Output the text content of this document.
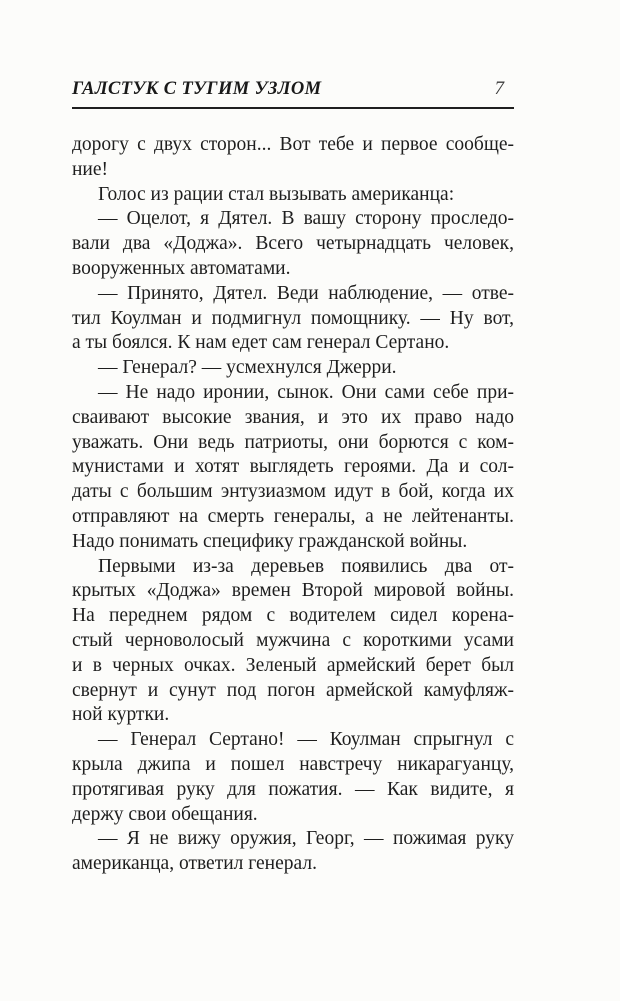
ГАЛСТУК С ТУГИМ УЗЛОМ	7
дорогу с двух сторон... Вот тебе и первое сообще-
ние!
Голос из рации стал вызывать американца:
— Оцелот, я Дятел. В вашу сторону проследо-
вали два «Доджа». Всего четырнадцать человек,
вооруженных автоматами.
— Принято, Дятел. Веди наблюдение, — отве-
тил Коулман и подмигнул помощнику. — Ну вот,
а ты боялся. К нам едет сам генерал Сертано.
— Генерал? — усмехнулся Джерри.
— Не надо иронии, сынок. Они сами себе при-
сваивают высокие звания, и это их право надо
уважать. Они ведь патриоты, они борются с ком-
мунистами и хотят выглядеть героями. Да и сол-
даты с большим энтузиазмом идут в бой, когда их
отправляют на смерть генералы, а не лейтенанты.
Надо понимать специфику гражданской войны.
Первыми из-за деревьев появились два от-
крытых «Доджа» времен Второй мировой войны.
На переднем рядом с водителем сидел корена-
стый черноволосый мужчина с короткими усами
и в черных очках. Зеленый армейский берет был
свернут и сунут под погон армейской камуфляж-
ной куртки.
— Генерал Сертано! — Коулман спрыгнул с
крыла джипа и пошел навстречу никарагуанцу,
протягивая руку для пожатия. — Как видите, я
держу свои обещания.
— Я не вижу оружия, Георг, — пожимая руку
американца, ответил генерал.
